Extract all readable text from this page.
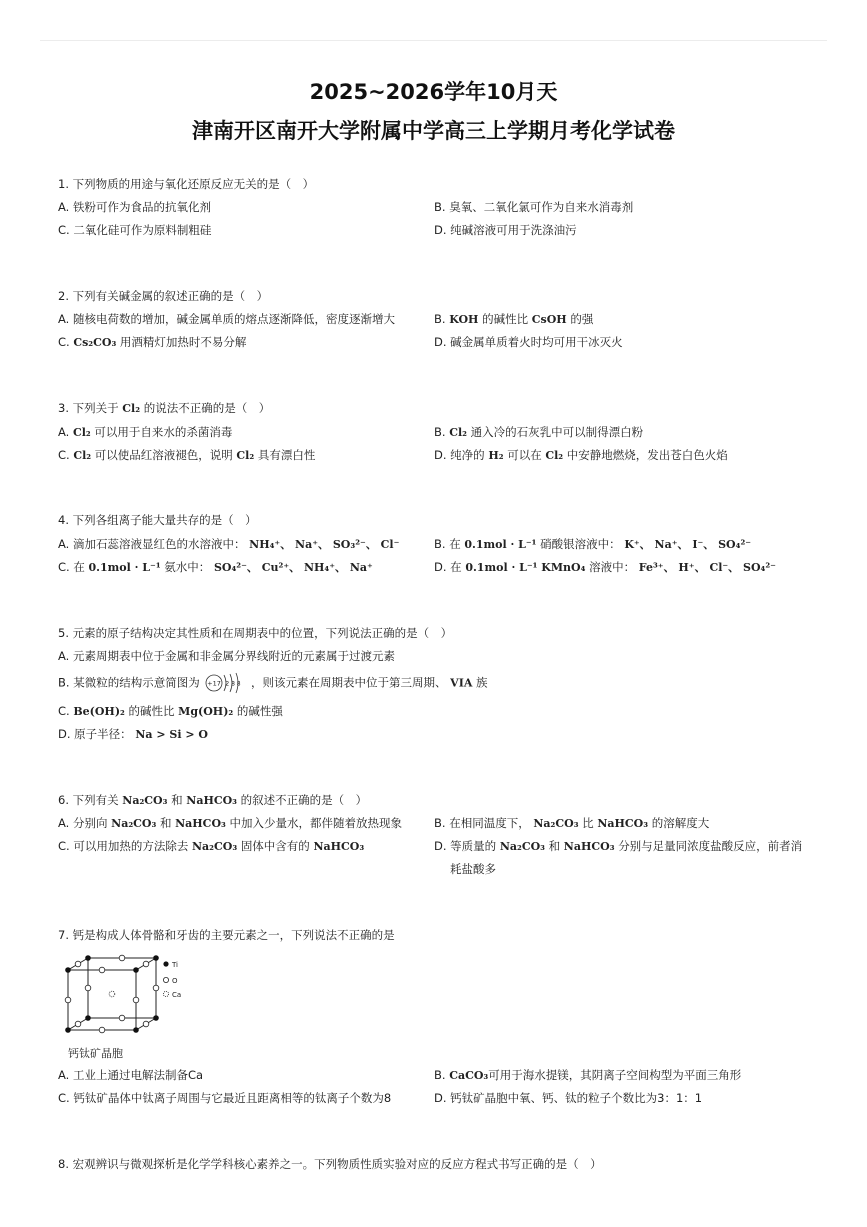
2025~2026学年10月天
津南开区南开大学附属中学高三上学期月考化学试卷

1. 下列物质的用途与氧化还原反应无关的是（　）

A. 铁粉可作为食品的抗氧化剂	B. 臭氧、二氧化氯可作为自来水消毒剂
C. 二氧化硅可作为原料制粗硅	D. 纯碱溶液可用于洗涤油污

2. 下列有关碱金属的叙述正确的是（　）

A. 随核电荷数的增加，碱金属单质的熔点逐渐降低，密度逐渐增大	B. KOH 的碱性比 CsOH 的强
C. Cs₂CO₃ 用酒精灯加热时不易分解	D. 碱金属单质着火时均可用干冰灭火

3. 下列关于 Cl₂ 的说法不正确的是（　）

A. Cl₂ 可以用于自来水的杀菌消毒	B. Cl₂ 通入冷的石灰乳中可以制得漂白粉
C. Cl₂ 可以使品红溶液褪色，说明 Cl₂ 具有漂白性	D. 纯净的 H₂ 可以在 Cl₂ 中安静地燃烧，发出苍白色火焰

4. 下列各组离子能大量共存的是（　）

A. 滴加石蕊溶液显红色的水溶液中： NH₄⁺、 Na⁺、 SO₃²⁻、 Cl⁻	B. 在 0.1mol · L⁻¹ 硝酸银溶液中： K⁺、 Na⁺、 I⁻、 SO₄²⁻
C. 在 0.1mol · L⁻¹ 氨水中： SO₄²⁻、 Cu²⁺、 NH₄⁺、 Na⁺	D. 在 0.1mol · L⁻¹ KMnO₄ 溶液中： Fe³⁺、 H⁺、 Cl⁻、 SO₄²⁻

5. 元素的原子结构决定其性质和在周期表中的位置，下列说法正确的是（　）

A. 元素周期表中位于金属和非金属分界线附近的元素属于过渡元素
B. 某微粒的结构示意简图为 +17 2 8 8 ，则该元素在周期表中位于第三周期、 VIA 族
C. Be(OH)₂ 的碱性比 Mg(OH)₂ 的碱性强
D. 原子半径： Na > Si > O

6. 下列有关 Na₂CO₃ 和 NaHCO₃ 的叙述不正确的是（　）

A. 分别向 Na₂CO₃ 和 NaHCO₃ 中加入少量水，都伴随着放热现象	B. 在相同温度下， Na₂CO₃ 比 NaHCO₃ 的溶解度大
C. 可以用加热的方法除去 Na₂CO₃ 固体中含有的 NaHCO₃	D. 等质量的 Na₂CO₃ 和 NaHCO₃ 分别与足量同浓度盐酸反应，前者消
耗盐酸多

7. 钙是构成人体骨骼和牙齿的主要元素之一，下列说法不正确的是

Ti
O
Ca
钙钛矿晶胞
A. 工业上通过电解法制备Ca	B. CaCO₃可用于海水提镁，其阴离子空间构型为平面三角形
C. 钙钛矿晶体中钛离子周围与它最近且距离相等的钛离子个数为8	D. 钙钛矿晶胞中氧、钙、钛的粒子个数比为3：1：1

8. 宏观辨识与微观探析是化学学科核心素养之一。下列物质性质实验对应的反应方程式书写正确的是（　）
